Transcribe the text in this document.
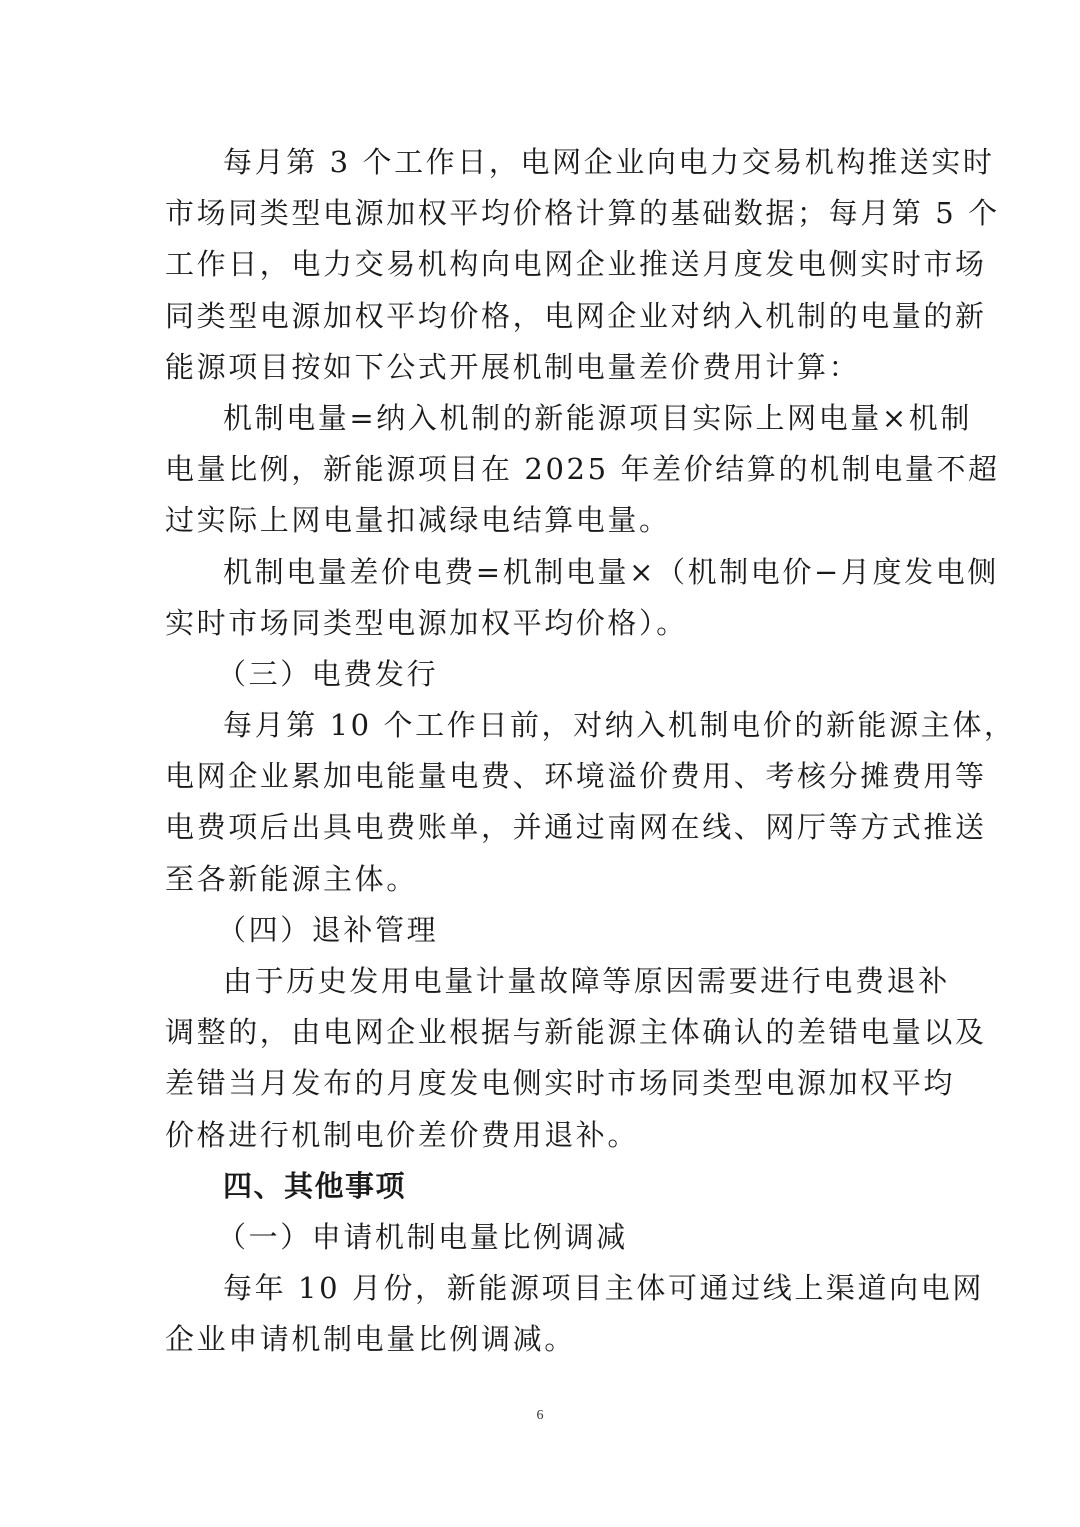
每月第 3 个工作日，电网企业向电力交易机构推送实时
市场同类型电源加权平均价格计算的基础数据；每月第 5 个
工作日，电力交易机构向电网企业推送月度发电侧实时市场
同类型电源加权平均价格，电网企业对纳入机制的电量的新
能源项目按如下公式开展机制电量差价费用计算：
机制电量=纳入机制的新能源项目实际上网电量×机制
电量比例，新能源项目在 2025 年差价结算的机制电量不超
过实际上网电量扣减绿电结算电量。
机制电量差价电费=机制电量×（机制电价−月度发电侧
实时市场同类型电源加权平均价格）。
（三）电费发行
每月第 10 个工作日前，对纳入机制电价的新能源主体，
电网企业累加电能量电费、环境溢价费用、考核分摊费用等
电费项后出具电费账单，并通过南网在线、网厅等方式推送
至各新能源主体。
（四）退补管理
由于历史发用电量计量故障等原因需要进行电费退补
调整的，由电网企业根据与新能源主体确认的差错电量以及
差错当月发布的月度发电侧实时市场同类型电源加权平均
价格进行机制电价差价费用退补。
四、其他事项
（一）申请机制电量比例调减
每年 10 月份，新能源项目主体可通过线上渠道向电网
企业申请机制电量比例调减。
6
